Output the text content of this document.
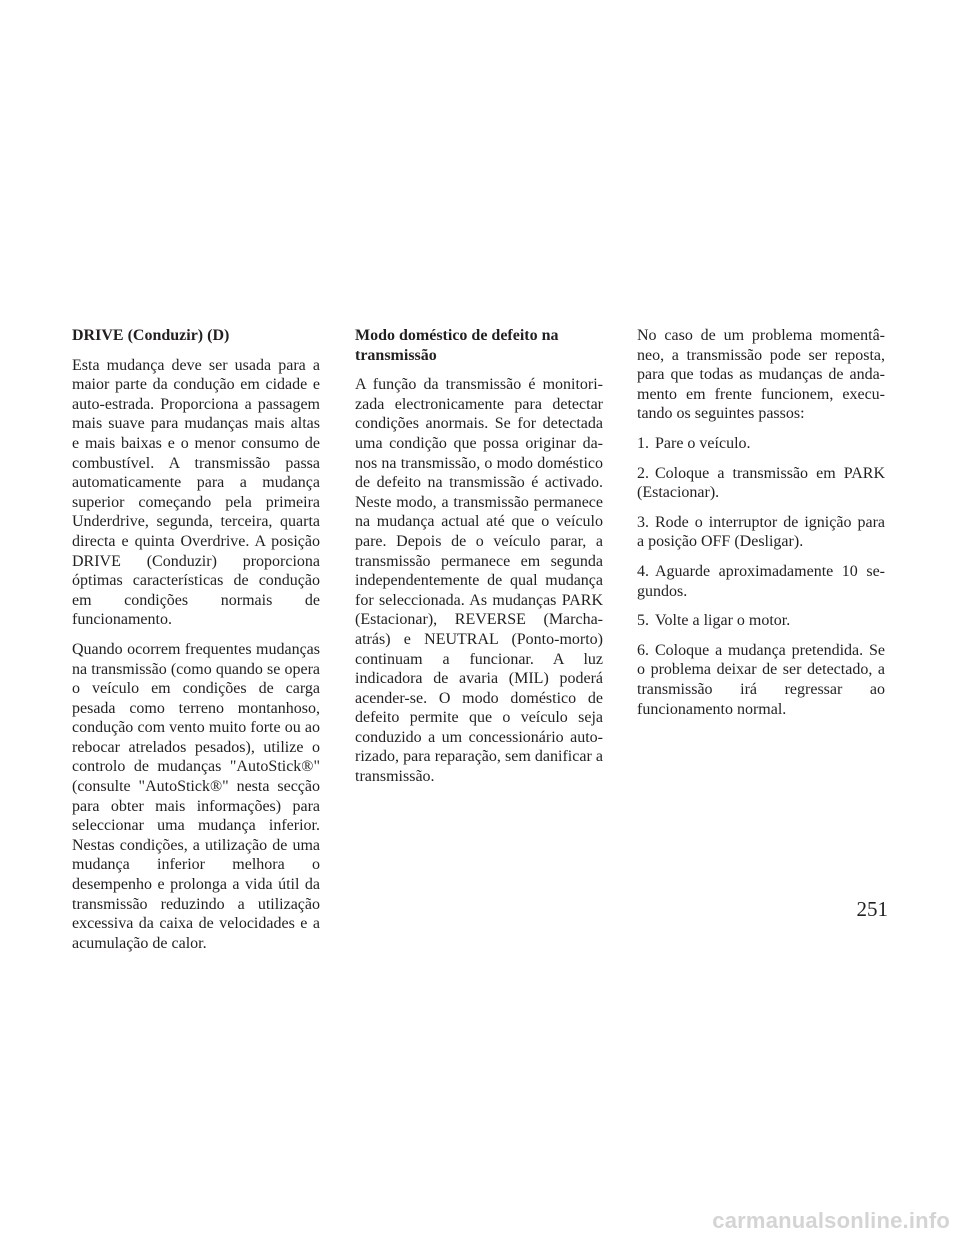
DRIVE (Conduzir) (D)

Esta mudança deve ser usada para a maior parte da condução em cidade e auto-estrada. Proporciona a passagem mais suave para mudanças mais altas e mais baixas e o menor consumo de combustível. A transmissão passa automaticamente para a mudança superior começando pela primeira Underdrive, segunda, terceira, quarta directa e quinta Overdrive. A posição DRIVE (Conduzir) proporciona óptimas características de condução em condições normais de funcionamento.

Quando ocorrem frequentes mudanças na transmissão (como quando se opera o veículo em condições de carga pesada como terreno montanhoso, condução com vento muito forte ou ao rebocar atrelados pesados), utilize o controlo de mudanças "AutoStick®" (consulte "AutoStick®" nesta secção para obter mais informações) para seleccionar uma mudança inferior. Nestas condições, a utilização de uma mudança inferior melhora o desempenho e prolonga a vida útil da transmissão reduzindo a utilização excessiva da caixa de velocidades e a acumulação de calor.

Modo doméstico de defeito na transmissão

A função da transmissão é monitorizada electronicamente para detectar condições anormais. Se for detectada uma condição que possa originar danos na transmissão, o modo doméstico de defeito na transmissão é activado. Neste modo, a transmissão permanece na mudança actual até que o veículo pare. Depois de o veículo parar, a transmissão permanece em segunda independentemente de qual mudança for seleccionada. As mudanças PARK (Estacionar), REVERSE (Marcha-atrás) e NEUTRAL (Ponto-morto) continuam a funcionar. A luz indicadora de avaria (MIL) poderá acender-se. O modo doméstico de defeito permite que o veículo seja conduzido a um concessionário autorizado, para reparação, sem danificar a transmissão.

No caso de um problema momentâneo, a transmissão pode ser reposta, para que todas as mudanças de andamento em frente funcionem, executando os seguintes passos:

1. Pare o veículo.
2. Coloque a transmissão em PARK (Estacionar).
3. Rode o interruptor de ignição para a posição OFF (Desligar).
4. Aguarde aproximadamente 10 segundos.
5. Volte a ligar o motor.
6. Coloque a mudança pretendida. Se o problema deixar de ser detectado, a transmissão irá regressar ao funcionamento normal.
251
carmanualsonline.info
